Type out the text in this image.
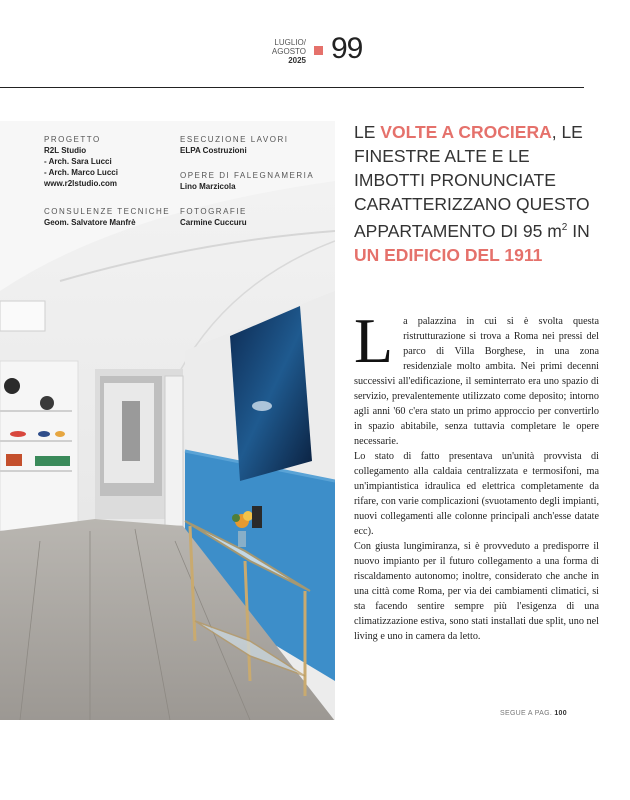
LUGLIO/
AGOSTO
2025 99
PROGETTO
R2L Studio
- Arch. Sara Lucci
- Arch. Marco Lucci
www.r2lstudio.com
ESECUZIONE LAVORI
ELPA Costruzioni
OPERE DI FALEGNAMERIA
Lino Marzicola
CONSULENZE TECNICHE
Geom. Salvatore Manfrè
FOTOGRAFIE
Carmine Cuccuru
LE VOLTE A CROCIERA, LE FINESTRE ALTE E LE IMBOTTI PRONUNCIATE CARATTERIZZANO QUESTO APPARTAMENTO DI 95 $m^2$ IN UN EDIFICIO DEL 1911
L a palazzina in cui si è svolta questa ristrutturazione si trova a Roma nei pressi del parco di Villa Borghese, in una zona residenziale molto ambita. Nei primi decenni successivi all'edificazione, il seminterrato era uno spazio di servizio, prevalentemente utilizzato come deposito; intorno agli anni '60 c'era stato un primo approccio per convertirlo in spazio abitabile, senza tuttavia completare le opere necessarie.

Lo stato di fatto presentava un'unità provvista di collegamento alla caldaia centralizzata e termosifoni, ma un'impiantistica idraulica ed elettrica completamente da rifare, con varie complicazioni (svuotamento degli impianti, nuovi collegamenti alle colonne principali anch'esse datate ecc).

Con giusta lungimiranza, si è provveduto a predisporre il nuovo impianto per il futuro collegamento a una forma di riscaldamento autonomo; inoltre, considerato che anche in una città come Roma, per via dei cambiamenti climatici, si sta facendo sentire sempre più l'esigenza di una climatizzazione estiva, sono stati installati due split, uno nel living e uno in camera da letto.

SEGUE A PAG. 100
